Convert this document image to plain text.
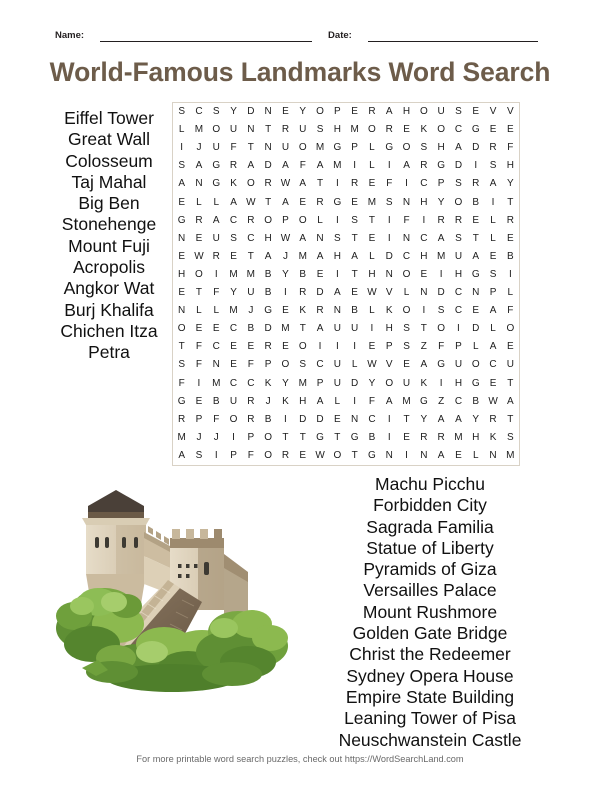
Name:	Date:
World-Famous Landmarks Word Search
Eiffel Tower
Great Wall
Colosseum
Taj Mahal
Big Ben
Stonehenge
Mount Fuji
Acropolis
Angkor Wat
Burj Khalifa
Chichen Itza
Petra
S	C	S	Y	D	N	E	Y	O	P	E	R	A	H O U	S	E	V	V
L	M O U	N	T	R	U	S	H M O R	E	K	O C G	E	E
I	J	U	F	T	N	U O M G	P	L	G O	S	H	A	D	R	F
S	A	G R	A	D	A	F	A M	I	L	I	A	R G D	I	S	H
A	N G	K	O R W A	T	I	R	E	F	I	C	P	S	R	A	Y
E	L	L	A W T	A	E	R G	E M S	N	H	Y	O	B	I	T
G R	A	C	R O	P	O	L	I	S	T	I	F	I	R	R	E	L	R
N	E	U	S	C	H W A	N	S	T	E	I	N	C	A	S	T	L	E
E W R	E	T	A	J	M A	H	A	L	D	C	H M U	A	E	B
H O	I	M M B	Y	B	E	I	T	H	N O	E	I	H G	S	I
E	T	F	Y	U	B	I	R	D	A	E W V	L	N	D	C	N	P	L
N	L	L	M	J	G	E	K	R	N	B	L	K	O	I	S	C	E	A	F
O	E	E	C	B	D M	T	A	U	U	I	H	S	T	O	I	D	L	O
T	F	C	E	E	R	E	O	I	I	I	E	P	S	Z	F	P	L	A	E
S	F	N	E	F	P	O	S	C	U	L W V	E	A	G U O C	U
F	I	M C	C	K	Y M P	U	D	Y	O U	K	I	H G	E	T
G	E	B	U	R	J	K	H	A	L	I	F	A M G	Z	C	B W A
R	P	F	O R	B	I	D	D	E	N	C	I	T	Y	A	A	Y	R	T
M	J	J	I	P	O	T	T	G	T	G	B	I	E	R	R M H	K	S
A	S	I	P	F	O R	E W O	T	G N	I	N	A	E	L	N M
Machu Picchu
Forbidden City
Sagrada Familia
Statue of Liberty
Pyramids of Giza
Versailles Palace
Mount Rushmore
Golden Gate Bridge
Christ the Redeemer
Sydney Opera House
Empire State Building
Leaning Tower of Pisa
Neuschwanstein Castle
For more printable word search puzzles, check out https://WordSearchLand.com
